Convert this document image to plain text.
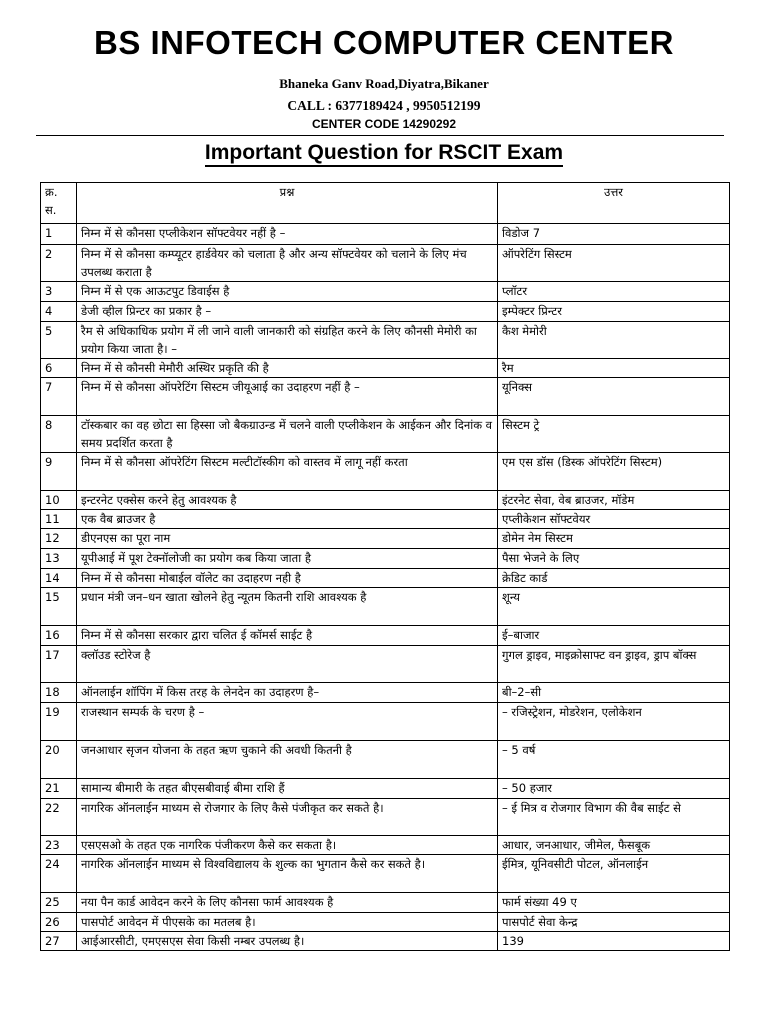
BS INFOTECH COMPUTER CENTER
Bhaneka Ganv Road,Diyatra,Bikaner
CALL : 6377189424 , 9950512199
CENTER CODE 14290292
Important Question for RSCIT Exam
क्र. स.	प्रश्न	उत्तर
1	निम्न में से कौनसा एप्लीकेशन सॉफ्टवेयर नहीं है –	विडोज 7
2	निम्न में से कौनसा कम्प्यूटर हार्डवेयर को चलाता है और अन्य सॉफ्टवेयर को चलाने के लिए मंच उपलब्ध कराता है	ऑपरेटिंग सिस्टम
3	निम्न में से एक आऊटपुट डिवाईस है	प्लॉटर
4	डेजी व्हील प्रिन्टर का प्रकार है –	इम्पेक्टर प्रिन्टर
5	रैम से अधिकाधिक प्रयोग में ली जाने वाली जानकारी को संग्रहित करने के लिए कौनसी मेमोरी का प्रयोग किया जाता है। –	कैश मेमोरी
6	निम्न में से कौनसी मेमौरी अस्थिर प्रकृति की है	रैम
7	निम्न में से कौनसा ऑपरेटिंग सिस्टम जीयूआई का उदाहरण नहीं है –	यूनिक्स
8	टॉस्कबार का वह छोटा सा हिस्सा जो बैकग्राउन्ड में चलने वाली एप्लीकेशन के आईकन और दिनांक व समय प्रदर्शित करता है	सिस्टम ट्रे
9	निम्न में से कौनसा ऑपरेटिंग सिस्टम मल्टीटॉस्कीग को वास्तव में लागू नहीं करता	एम एस डॉस (डिस्क ऑपरेटिंग सिस्टम)
10	इन्टरनेट एक्सेस करने हेतु आवश्यक है	इंटरनेट सेवा, वेब ब्राउजर, मॉडेम
11	एक वैब ब्राउजर है	एप्लीकेशन सॉफ्टवेयर
12	डीएनएस का पूरा नाम	डोमेन नेम सिस्टम
13	यूपीआई में पूश टेक्नॉलोजी का प्रयोग कब किया जाता है	पैसा भेजने के लिए
14	निम्न में से कौनसा मोबाईल वॉलेट का उदाहरण नही है	क्रेडिट कार्ड
15	प्रधान मंत्री जन–धन खाता खोलने हेतु न्यूतम कितनी राशि आवश्यक है	शून्य
16	निम्न में से कौनसा सरकार द्वारा चलित ई कॉमर्स साईट है	ई–बाजार
17	क्लॉउड स्टोरेज है	गुगल ड्राइव, माइक्रोसाफ्ट वन ड्राइव, ड्राप बॉक्स
18	ऑनलाईन शॉपिंग में किस तरह के लेनदेन का उदाहरण है–	बी–2–सी
19	राजस्थान सम्पर्क के चरण है –	– रजिस्ट्रेशन, मोडरेशन, एलोकेशन
20	जनआधार सृजन योजना के तहत ऋण चुकाने की अवधी कितनी है	– 5 वर्ष
21	सामान्य बीमारी के तहत बीएसबीवाई बीमा राशि हैं	– 50 हजार
22	नागरिक ऑनलाईन माध्यम से रोजगार के लिए कैसे पंजीकृत कर सकते है।	– ई मित्र व रोजगार विभाग की वैब साईट से
23	एसएसओ के तहत एक नागरिक पंजीकरण कैसे कर सकता है।	आधार, जनआधार, जीमेल, फैसबूक
24	नागरिक ऑनलाईन माध्यम से विश्वविद्यालय के शुल्क का भुगतान कैसे कर सकते है।	ईमित्र, यूनिवसीटी पोटल, ऑनलाईन
25	नया पैन कार्ड आवेदन करने के लिए कौनसा फार्म आवश्यक है	फार्म संख्या 49 ए
26	पासपोर्ट आवेदन में पीएसके का मतलब है।	पासपोर्ट सेवा केन्द्र
27	आईआरसीटी, एमएसएस सेवा किसी नम्बर उपलब्ध है।	139
